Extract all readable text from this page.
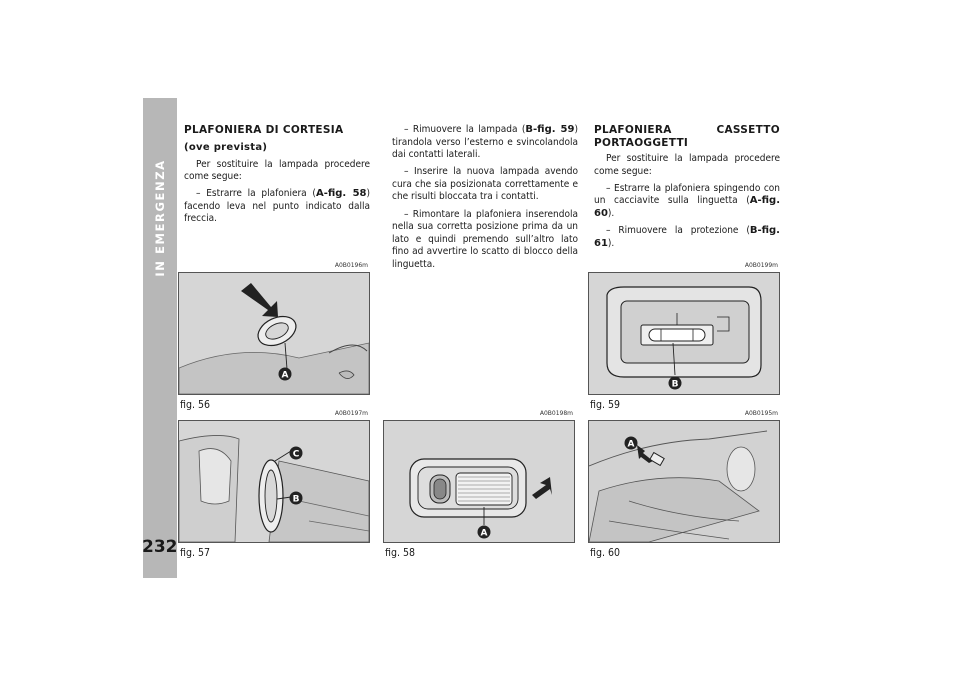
IN EMERGENZA
232

PLAFONIERA DI CORTESIA

(ove prevista)

Per sostituire la lampada procedere come segue:

– Estrarre la plafoniera (A-fig. 58) facendo leva nel punto indicato dalla freccia.

– Rimuovere la lampada (B-fig. 59) tirandola verso l’esterno e svincolandola dai contatti laterali.

– Inserire la nuova lampada avendo cura che sia posizionata correttamente e che risulti bloccata tra i contatti.

– Rimontare la plafoniera inserendola nella sua corretta posizione prima da un lato e quindi premendo sull’altro lato fino ad avvertire lo scatto di blocco della linguetta.

PLAFONIERA CASSETTO PORTAOGGETTI

Per sostituire la lampada procedere come segue:

– Estrarre la plafoniera spingendo con un cacciavite sulla linguetta (A-fig. 60).

– Rimuovere la protezione (B-fig. 61).

A0B0196m
A
fig. 56
A0B0199m
B
fig. 59
A0B0197m
C
B
fig. 57
A0B0198m
A
fig. 58
A0B0195m
A
fig. 60
